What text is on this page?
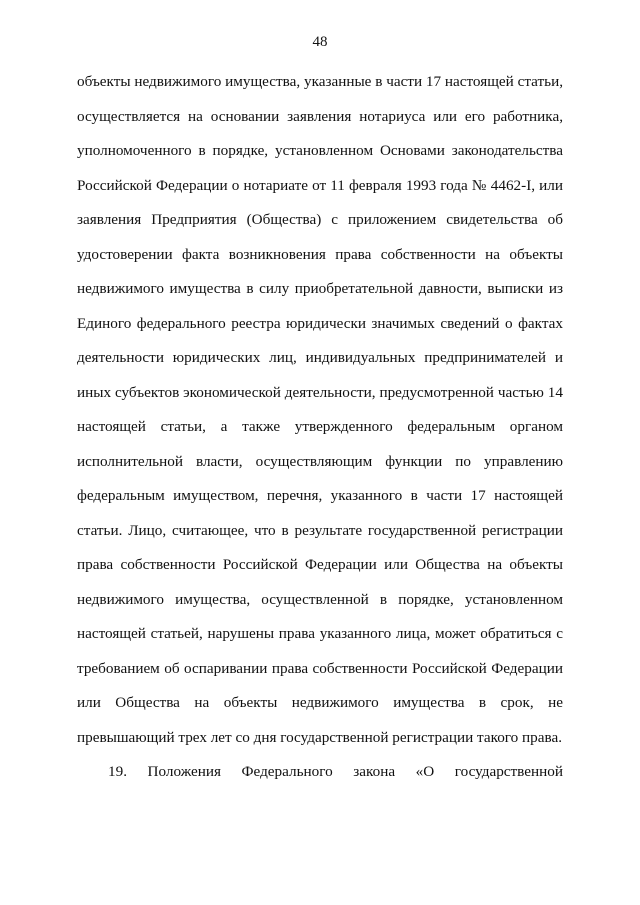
48
объекты недвижимого имущества, указанные в части 17 настоящей статьи,
осуществляется на основании заявления нотариуса или его работника,
уполномоченного в порядке, установленном Основами законодательства
Российской Федерации о нотариате от 11 февраля 1993 года № 4462-I, или
заявления Предприятия (Общества) с приложением свидетельства об
удостоверении факта возникновения права собственности на объекты
недвижимого имущества в силу приобретательной давности, выписки из
Единого федерального реестра юридически значимых сведений о фактах
деятельности юридических лиц, индивидуальных предпринимателей и
иных субъектов экономической деятельности, предусмотренной частью 14
настоящей статьи, а также утвержденного федеральным органом
исполнительной власти, осуществляющим функции по управлению
федеральным имуществом, перечня, указанного в части 17 настоящей
статьи. Лицо, считающее, что в результате государственной регистрации
права собственности Российской Федерации или Общества на объекты
недвижимого имущества, осуществленной в порядке, установленном
настоящей статьей, нарушены права указанного лица, может обратиться с
требованием об оспаривании права собственности Российской Федерации
или Общества на объекты недвижимого имущества в срок, не
превышающий трех лет со дня государственной регистрации такого права.
19. Положения Федерального закона «О государственной
